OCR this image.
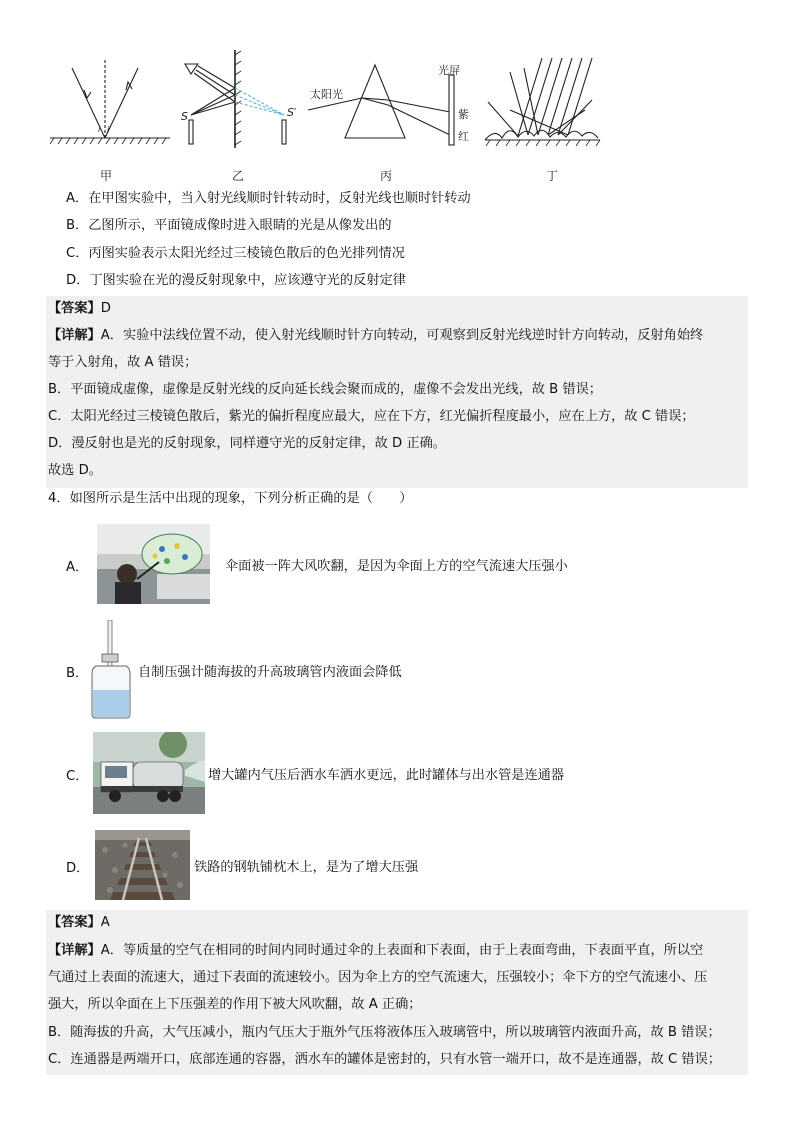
i i′
S	S′
太阳光
光屏
紫
红
甲	乙	丙	丁
A．在甲图实验中，当入射光线顺时针转动时，反射光线也顺时针转动
B．乙图所示，平面镜成像时进入眼睛的光是从像发出的
C．丙图实验表示太阳光经过三棱镜色散后的色光排列情况
D．丁图实验在光的漫反射现象中，应该遵守光的反射定律
【答案】D
【详解】A．实验中法线位置不动，使入射光线顺时针方向转动，可观察到反射光线逆时针方向转动，反射角始终
等于入射角，故 A 错误；
B．平面镜成虚像，虚像是反射光线的反向延长线会聚而成的，虚像不会发出光线，故 B 错误；
C．太阳光经过三棱镜色散后，紫光的偏折程度应最大，应在下方，红光偏折程度最小，应在上方，故 C 错误；
D．漫反射也是光的反射现象，同样遵守光的反射定律，故 D 正确。
故选 D。
4．如图所示是生活中出现的现象，下列分析正确的是（　　）
A．	伞面被一阵大风吹翻，是因为伞面上方的空气流速大压强小
B．	自制压强计随海拔的升高玻璃管内液面会降低
C．	增大罐内气压后洒水车洒水更远，此时罐体与出水管是连通器
D．	铁路的钢轨铺枕木上，是为了增大压强
【答案】A
【详解】A．等质量的空气在相同的时间内同时通过伞的上表面和下表面，由于上表面弯曲，下表面平直，所以空
气通过上表面的流速大，通过下表面的流速较小。因为伞上方的空气流速大，压强较小；伞下方的空气流速小、压
强大，所以伞面在上下压强差的作用下被大风吹翻，故 A 正确；
B．随海拔的升高，大气压减小，瓶内气压大于瓶外气压将液体压入玻璃管中，所以玻璃管内液面升高，故 B 错误；
C．连通器是两端开口，底部连通的容器，洒水车的罐体是密封的，只有水管一端开口，故不是连通器，故 C 错误；
